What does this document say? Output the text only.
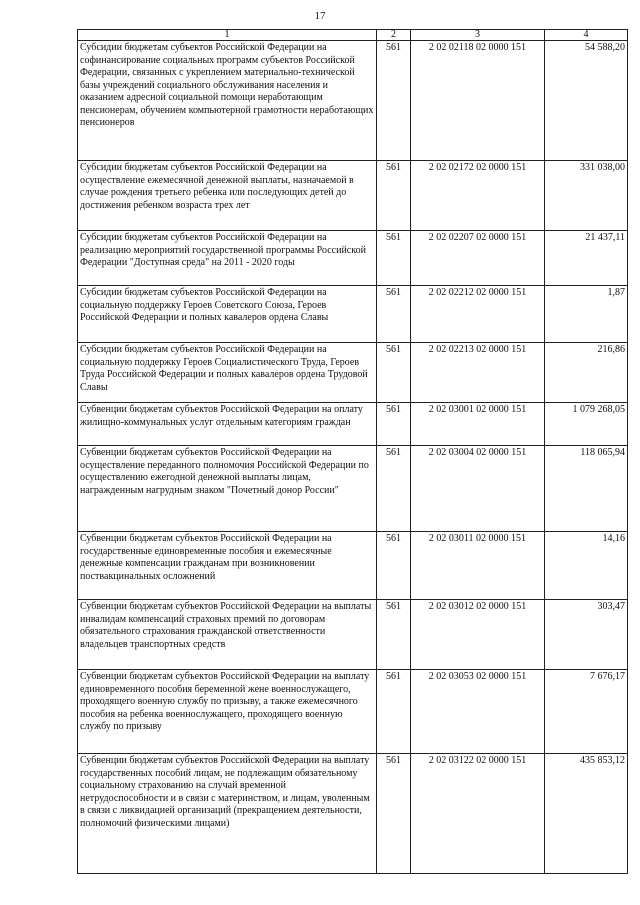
17
1	2	3	4
Субсидии бюджетам субъектов Российской Федерации на софинансирование социальных программ субъектов Российской Федерации, связанных с укреплением материально-технической базы учреждений социального обслуживания населения и оказанием адресной социальной помощи неработающим пенсионерам, обучением компьютерной грамотности неработающих пенсионеров	561	2 02 02118 02 0000 151	54 588,20
Субсидии бюджетам субъектов Российской Федерации на осуществление ежемесячной денежной выплаты, назначаемой в случае рождения третьего ребенка или последующих детей до достижения ребенком возраста трех лет	561	2 02 02172 02 0000 151	331 038,00
Субсидии бюджетам субъектов Российской Федерации на реализацию мероприятий государственной программы Российской Федерации "Доступная среда" на 2011 - 2020 годы	561	2 02 02207 02 0000 151	21 437,11
Субсидии бюджетам субъектов Российской Федерации на социальную поддержку Героев Советского Союза, Героев Российской Федерации и полных кавалеров ордена Славы	561	2 02 02212 02 0000 151	1,87
Субсидии бюджетам субъектов Российской Федерации на социальную поддержку Героев Социалистического Труда, Героев Труда Российской Федерации и полных кавалеров ордена Трудовой Славы	561	2 02 02213 02 0000 151	216,86
Субвенции бюджетам субъектов Российской Федерации на оплату жилищно-коммунальных услуг отдельным категориям граждан	561	2 02 03001 02 0000 151	1 079 268,05
Субвенции бюджетам субъектов Российской Федерации на осуществление переданного полномочия Российской Федерации по осуществлению ежегодной денежной выплаты лицам, награжденным нагрудным знаком "Почетный донор России"	561	2 02 03004 02 0000 151	118 065,94
Субвенции бюджетам субъектов Российской Федерации на государственные единовременные пособия и ежемесячные денежные компенсации гражданам при возникновении поствакцинальных осложнений	561	2 02 03011 02 0000 151	14,16
Субвенции бюджетам субъектов Российской Федерации на выплаты инвалидам компенсаций страховых премий по договорам обязательного страхования гражданской ответственности владельцев транспортных средств	561	2 02 03012 02 0000 151	303,47
Субвенции бюджетам субъектов Российской Федерации на выплату единовременного пособия беременной жене военнослужащего, проходящего военную службу по призыву, а также ежемесячного пособия на ребенка военнослужащего, проходящего военную службу по призыву	561	2 02 03053 02 0000 151	7 676,17
Субвенции бюджетам субъектов Российской Федерации на выплату государственных пособий лицам, не подлежащим обязательному социальному страхованию на случай временной нетрудоспособности и в связи с материнством, и лицам, уволенным в связи с ликвидацией организаций (прекращением деятельности, полномочий физическими лицами)	561	2 02 03122 02 0000 151	435 853,12
